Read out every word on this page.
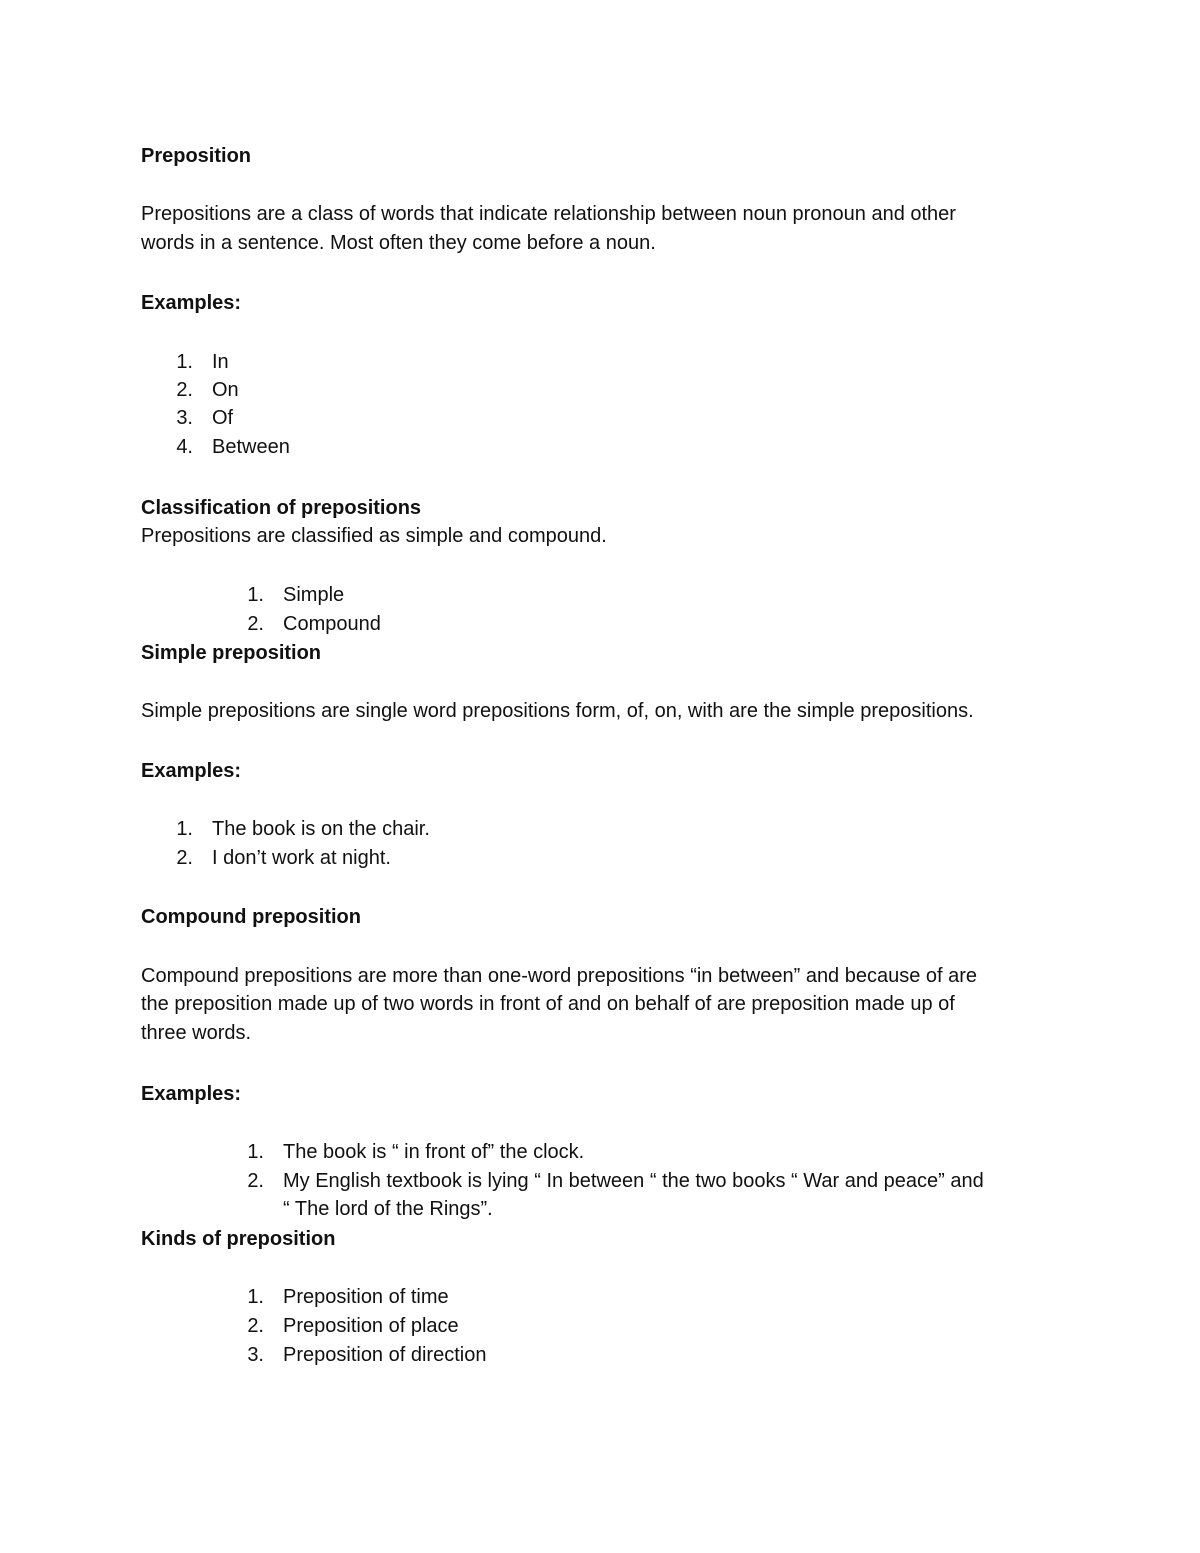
Preposition
Prepositions are a class of words that indicate relationship between noun pronoun and other
words in a sentence. Most often they come before a noun.
Examples:
1. In
2. On
3. Of
4. Between
Classification of prepositions
Prepositions are classified as simple and compound.
1. Simple
2. Compound
Simple preposition
Simple prepositions are single word prepositions form, of, on, with are the simple prepositions.
Examples:
1. The book is on the chair.
2. I don’t work at night.
Compound preposition
Compound prepositions are more than one-word prepositions “in between” and because of are
the preposition made up of two words in front of and on behalf of are preposition made up of
three words.
Examples:
1. The book is “ in front of” the clock.
2. My English textbook is lying “ In between “ the two books “ War and peace” and
“ The lord of the Rings”.
Kinds of preposition
1. Preposition of time
2. Preposition of place
3. Preposition of direction
